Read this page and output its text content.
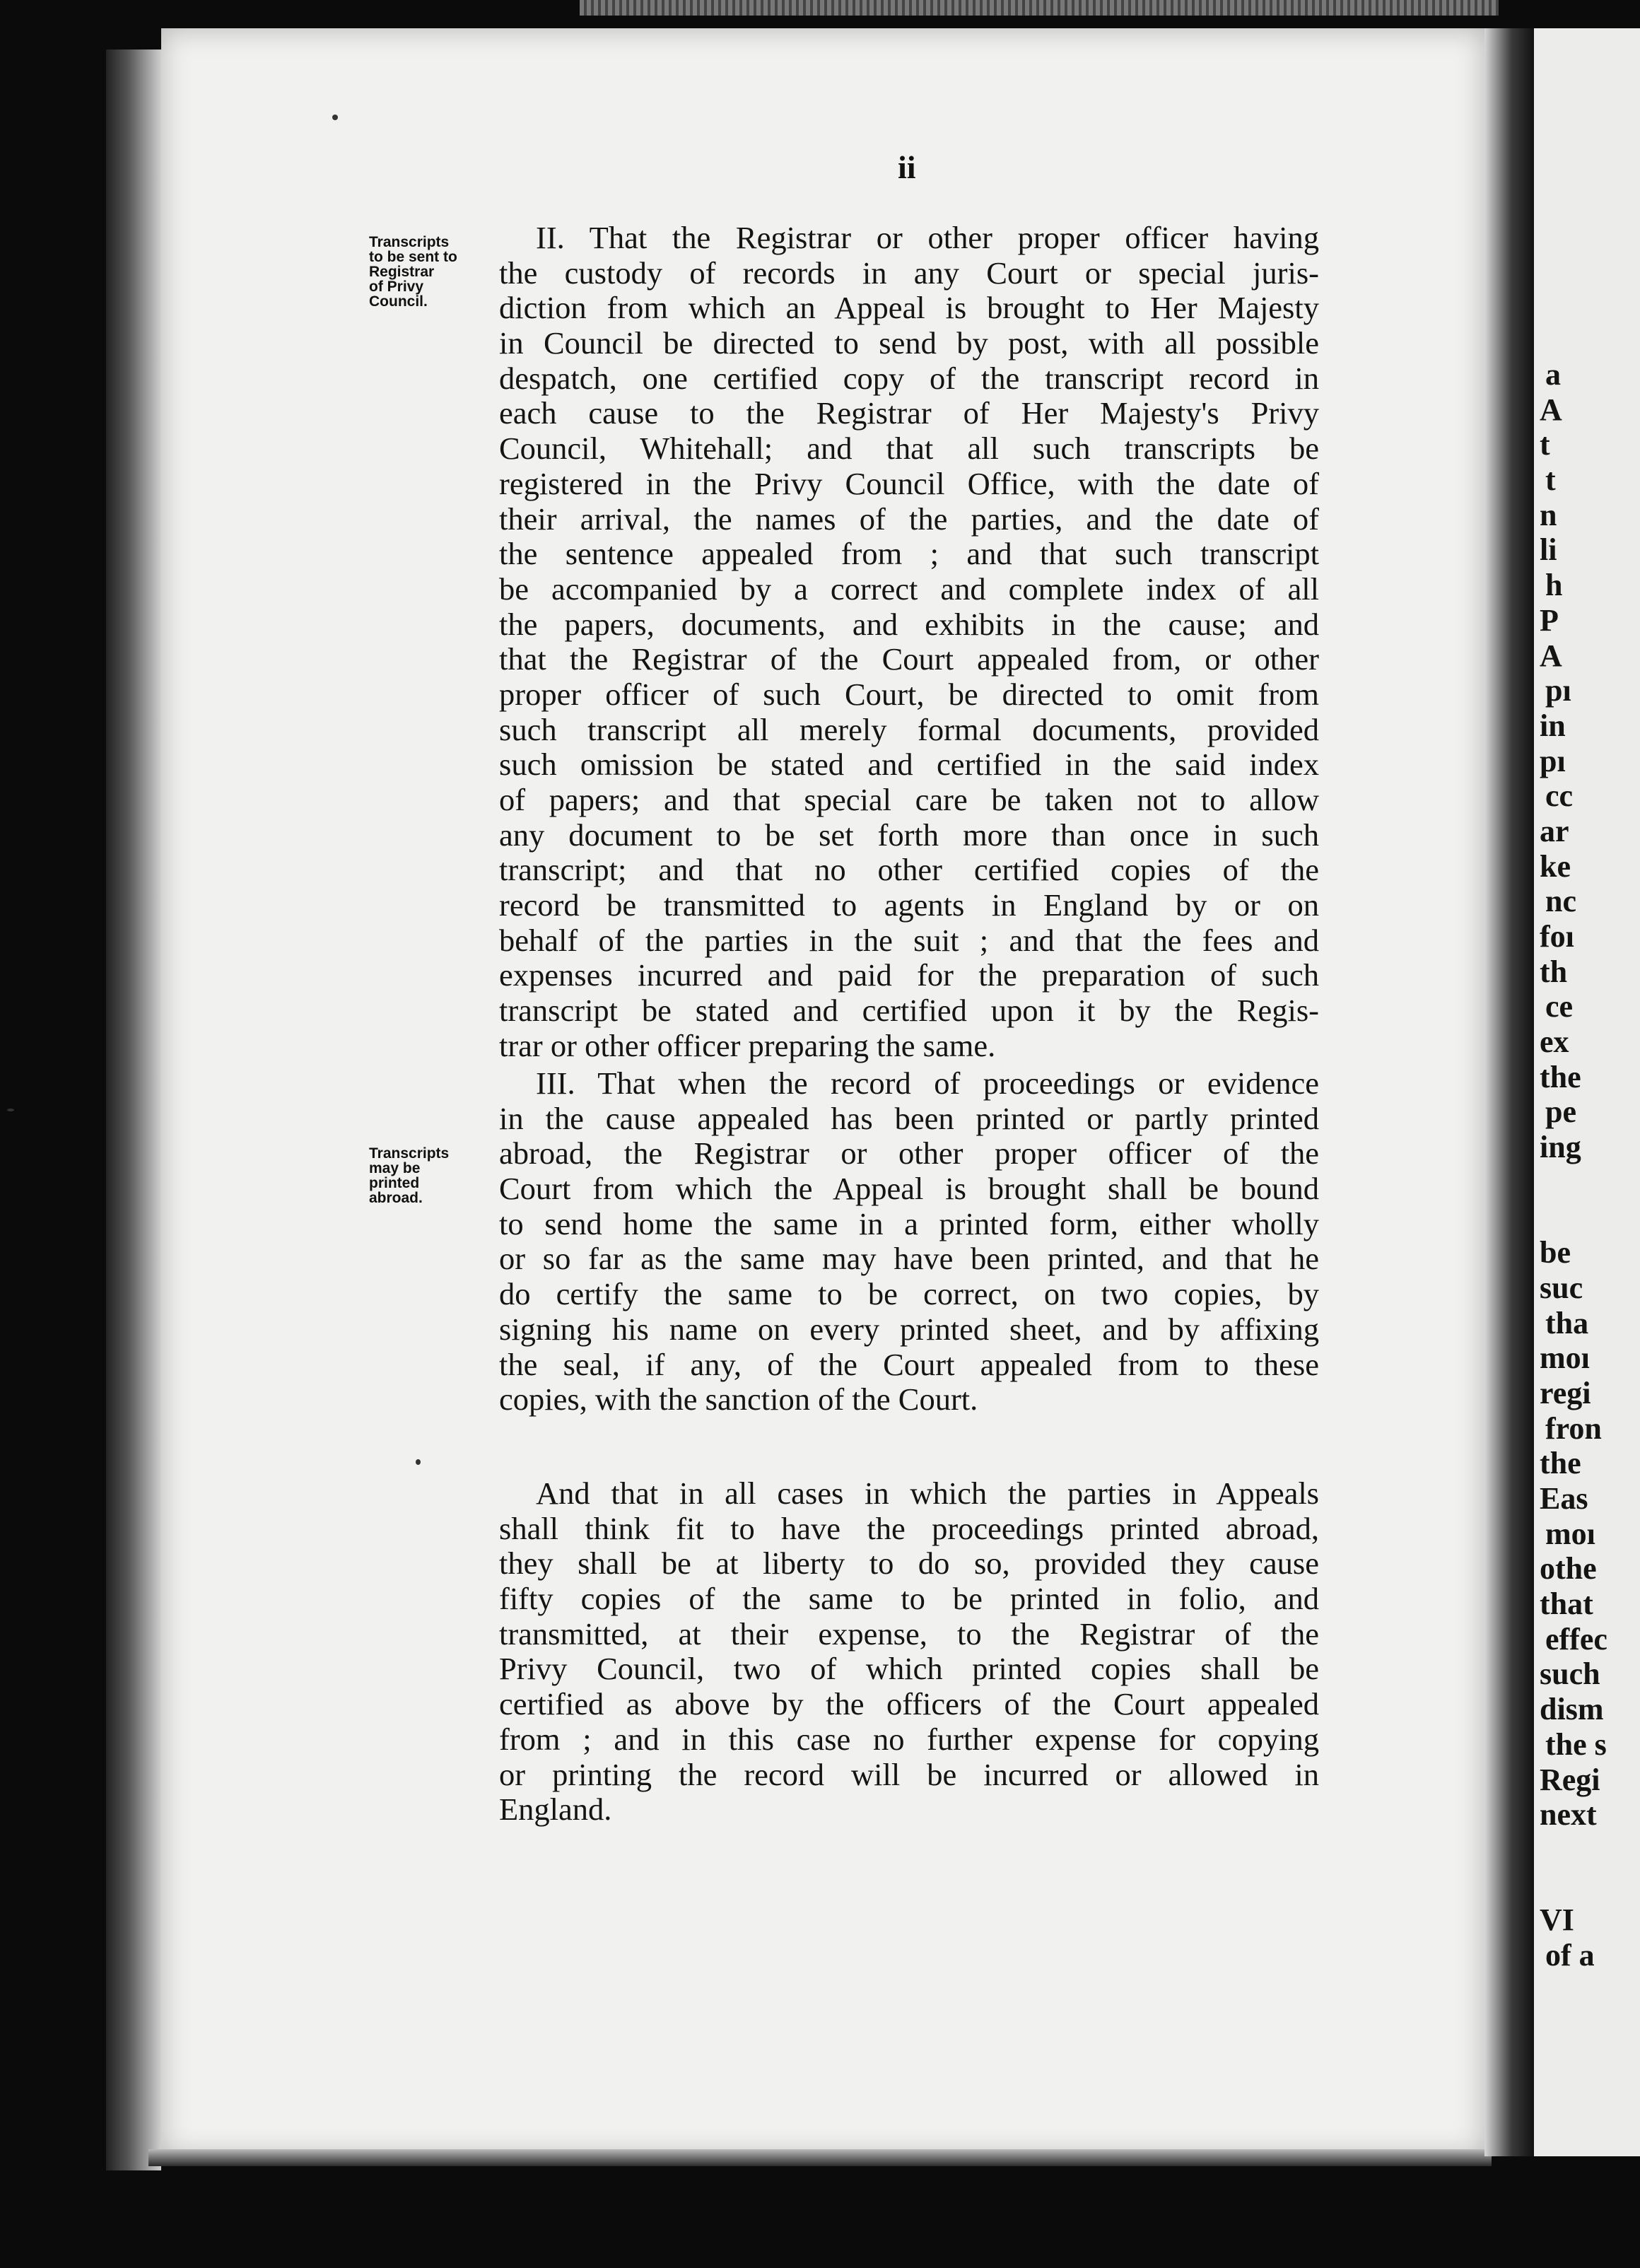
ii
Transcripts
to be sent to
Registrar
of Privy
Council.
Transcripts
may be
printed
abroad.
II. That the Registrar or other proper officer having
the custody of records in any Court or special juris-
diction from which an Appeal is brought to Her Majesty
in Council be directed to send by post, with all possible
despatch, one certified copy of the transcript record in
each cause to the Registrar of Her Majesty's Privy
Council, Whitehall; and that all such transcripts be
registered in the Privy Council Office, with the date of
their arrival, the names of the parties, and the date of
the sentence appealed from ; and that such transcript
be accompanied by a correct and complete index of all
the papers, documents, and exhibits in the cause; and
that the Registrar of the Court appealed from, or other
proper officer of such Court, be directed to omit from
such transcript all merely formal documents, provided
such omission be stated and certified in the said index
of papers; and that special care be taken not to allow
any document to be set forth more than once in such
transcript; and that no other certified copies of the
record be transmitted to agents in England by or on
behalf of the parties in the suit ; and that the fees and
expenses incurred and paid for the preparation of such
transcript be stated and certified upon it by the Regis-
trar or other officer preparing the same.
III. That when the record of proceedings or evidence
in the cause appealed has been printed or partly printed
abroad, the Registrar or other proper officer of the
Court from which the Appeal is brought shall be bound
to send home the same in a printed form, either wholly
or so far as the same may have been printed, and that he
do certify the same to be correct, on two copies, by
signing his name on every printed sheet, and by affixing
the seal, if any, of the Court appealed from to these
copies, with the sanction of the Court.
And that in all cases in which the parties in Appeals
shall think fit to have the proceedings printed abroad,
they shall be at liberty to do so, provided they cause
fifty copies of the same to be printed in folio, and
transmitted, at their expense, to the Registrar of the
Privy Council, two of which printed copies shall be
certified as above by the officers of the Court appealed
from ; and in this case no further expense for copying
or printing the record will be incurred or allowed in
England.
a
A
t
t
n
li
h
P
A
pı
in
pı
cc
ar
ke
nc
foı
th
ce
ex
the
pe
ing
be
suc
tha
moı
regi
fron
the
Eas
moı
othe
that
effec
such
dism
the s
Regi
next
VI
of a
